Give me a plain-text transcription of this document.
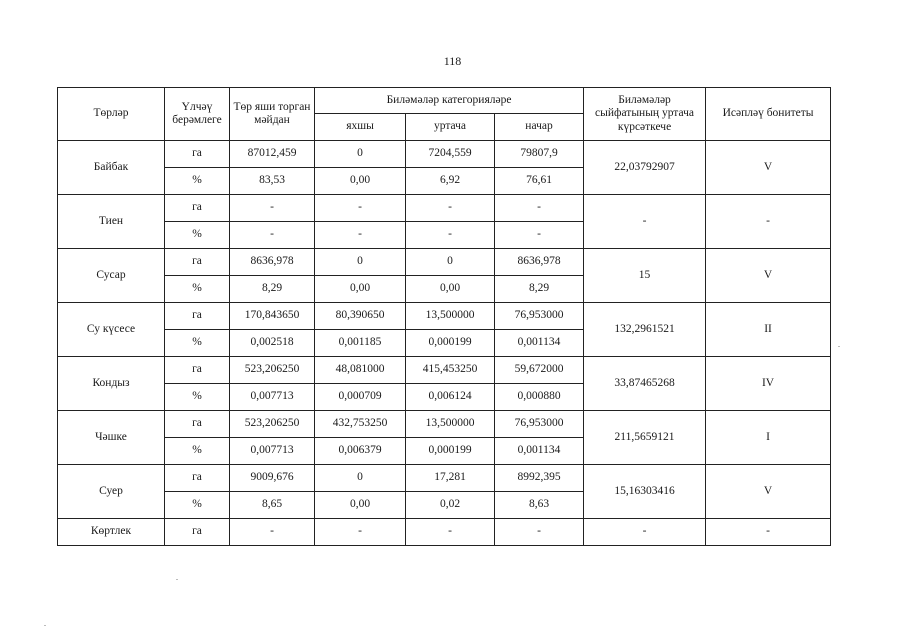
118
Төрләр	Үлчәү берәмлеге	Төр яши торган мәйдан	Биләмәләр категорияләре			Биләмәләр сыйфатының уртача күрсәткече	Исәпләү бонитеты
			яхшы	уртача	начар		
Байбак	га	87012,459	0	7204,559	79807,9	22,03792907	V
	%	83,53	0,00	6,92	76,61		
Тиен	га	-	-	-	-	-	-
	%	-	-	-	-		
Сусар	га	8636,978	0	0	8636,978	15	V
	%	8,29	0,00	0,00	8,29		
Су күсесе	га	170,843650	80,390650	13,500000	76,953000	132,2961521	II
	%	0,002518	0,001185	0,000199	0,001134		
Кондыз	га	523,206250	48,081000	415,453250	59,672000	33,87465268	IV
	%	0,007713	0,000709	0,006124	0,000880		
Чәшке	га	523,206250	432,753250	13,500000	76,953000	211,5659121	I
	%	0,007713	0,006379	0,000199	0,001134		
Суер	га	9009,676	0	17,281	8992,395	15,16303416	V
	%	8,65	0,00	0,02	8,63		
Көртлек	га	-	-	-	-	-	-
